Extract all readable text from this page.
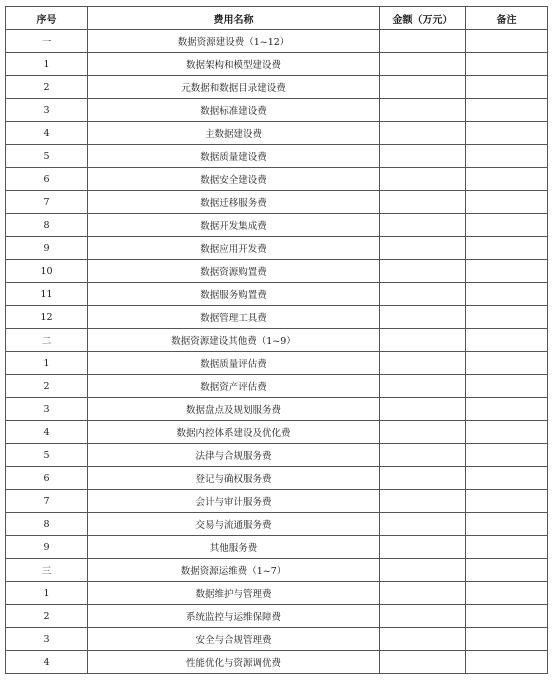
序号	费用名称	金额（万元）	备注
一	数据资源建设费（1~12）		
1	数据架构和模型建设费		
2	元数据和数据目录建设费		
3	数据标准建设费		
4	主数据建设费		
5	数据质量建设费		
6	数据安全建设费		
7	数据迁移服务费		
8	数据开发集成费		
9	数据应用开发费		
10	数据资源购置费		
11	数据服务购置费		
12	数据管理工具费		
二	数据资源建设其他费（1~9）		
1	数据质量评估费		
2	数据资产评估费		
3	数据盘点及规划服务费		
4	数据内控体系建设及优化费		
5	法律与合规服务费		
6	登记与确权服务费		
7	会计与审计服务费		
8	交易与流通服务费		
9	其他服务费		
三	数据资源运维费（1~7）		
1	数据维护与管理费		
2	系统监控与运维保障费		
3	安全与合规管理费		
4	性能优化与资源调优费		
